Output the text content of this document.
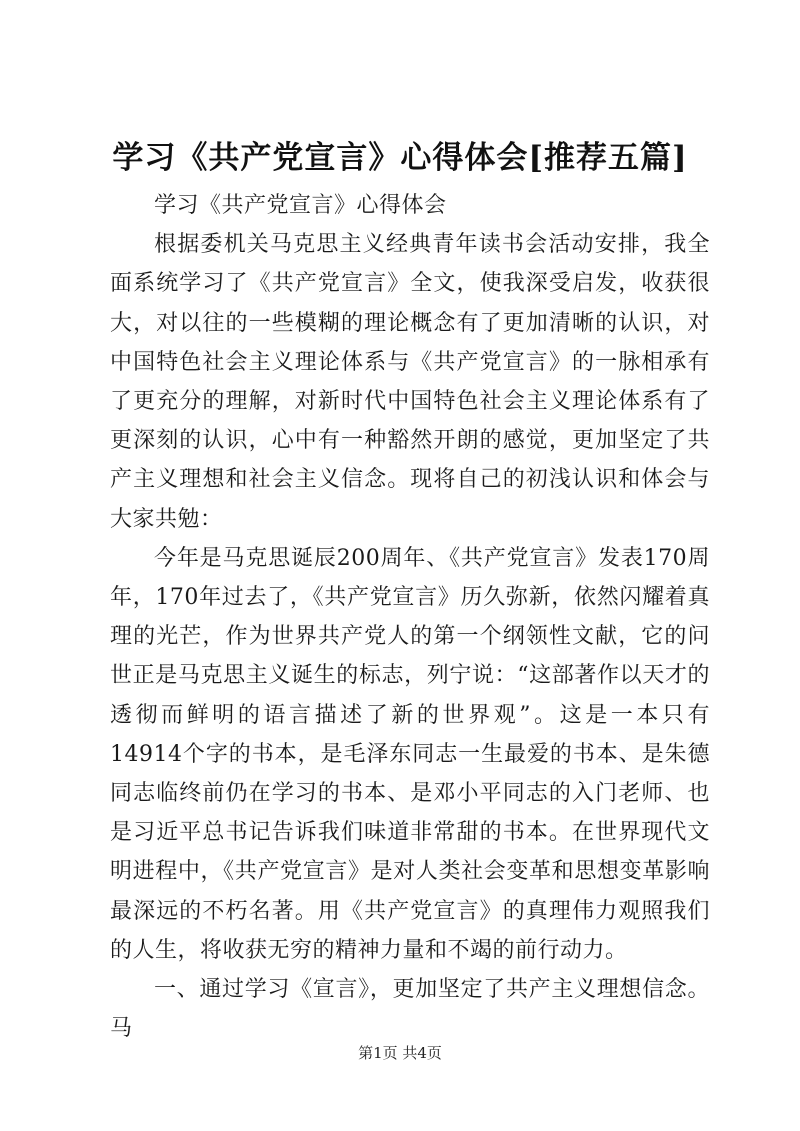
学习《共产党宣言》心得体会[推荐五篇]

学习《共产党宣言》心得体会

根据委机关马克思主义经典青年读书会活动安排，我全面系统学习了《共产党宣言》全文，使我深受启发，收获很大，对以往的一些模糊的理论概念有了更加清晰的认识，对中国特色社会主义理论体系与《共产党宣言》的一脉相承有了更充分的理解，对新时代中国特色社会主义理论体系有了更深刻的认识，心中有一种豁然开朗的感觉，更加坚定了共产主义理想和社会主义信念。现将自己的初浅认识和体会与大家共勉：

今年是马克思诞辰200周年、《共产党宣言》发表170周年，170年过去了，《共产党宣言》历久弥新，依然闪耀着真理的光芒，作为世界共产党人的第一个纲领性文献，它的问世正是马克思主义诞生的标志，列宁说：“这部著作以天才的透彻而鲜明的语言描述了新的世界观”。这是一本只有14914个字的书本，是毛泽东同志一生最爱的书本、是朱德同志临终前仍在学习的书本、是邓小平同志的入门老师、也是习近平总书记告诉我们味道非常甜的书本。在世界现代文明进程中，《共产党宣言》是对人类社会变革和思想变革影响最深远的不朽名著。用《共产党宣言》的真理伟力观照我们的人生，将收获无穷的精神力量和不竭的前行动力。

一、通过学习《宣言》，更加坚定了共产主义理想信念。马

第1页 共4页
